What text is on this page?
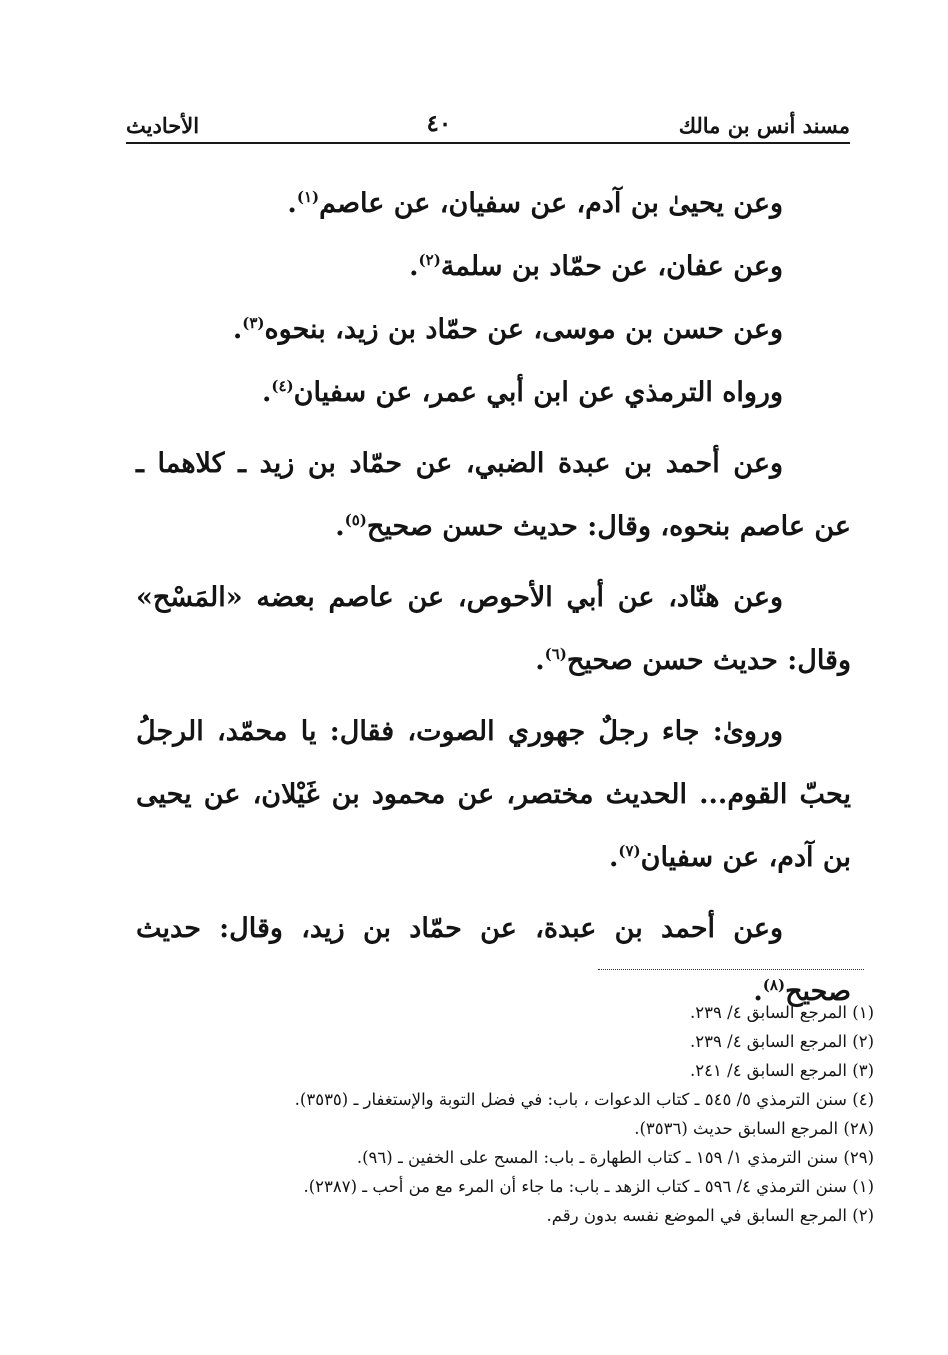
مسند أنس بن مالك
٤٠
الأحاديث

وعن يحيىٰ بن آدم، عن سفيان، عن عاصم$^{(١)}$.

وعن عفان، عن حمّاد بن سلمة$^{(٢)}$.

وعن حسن بن موسى، عن حمّاد بن زيد، بنحوه$^{(٣)}$.

ورواه الترمذي عن ابن أبي عمر، عن سفيان$^{(٤)}$.

وعن أحمد بن عبدة الضبي، عن حمّاد بن زيد ـ كلاهما ـ عن عاصم بنحوه، وقال: حديث حسن صحيح$^{(٥)}$.

وعن هنّاد، عن أبي الأحوص، عن عاصم بعضه «المَسْح» وقال: حديث حسن صحيح$^{(٦)}$.

وروىٰ: جاء رجلٌ جهوري الصوت، فقال: يا محمّد، الرجلُ يحبّ القوم... الحديث مختصر، عن محمود بن غَيْلان، عن يحيى بن آدم، عن سفيان$^{(٧)}$.

وعن أحمد بن عبدة، عن حمّاد بن زيد، وقال: حديث صحيح$^{(٨)}$.

(١) المرجع السابق ٤/ ٢٣٩.
(٢) المرجع السابق ٤/ ٢٣٩.
(٣) المرجع السابق ٤/ ٢٤١.
(٤) سنن الترمذي ٥/ ٥٤٥ ـ كتاب الدعوات ، باب: في فضل التوبة والإستغفار ـ (٣٥٣٥).
(٢٨) المرجع السابق حديث (٣٥٣٦).
(٢٩) سنن الترمذي ١/ ١٥٩ ـ كتاب الطهارة ـ باب: المسح على الخفين ـ (٩٦).
(١) سنن الترمذي ٤/ ٥٩٦ ـ كتاب الزهد ـ باب: ما جاء أن المرء مع من أحب ـ (٢٣٨٧).
(٢) المرجع السابق في الموضع نفسه بدون رقم.
